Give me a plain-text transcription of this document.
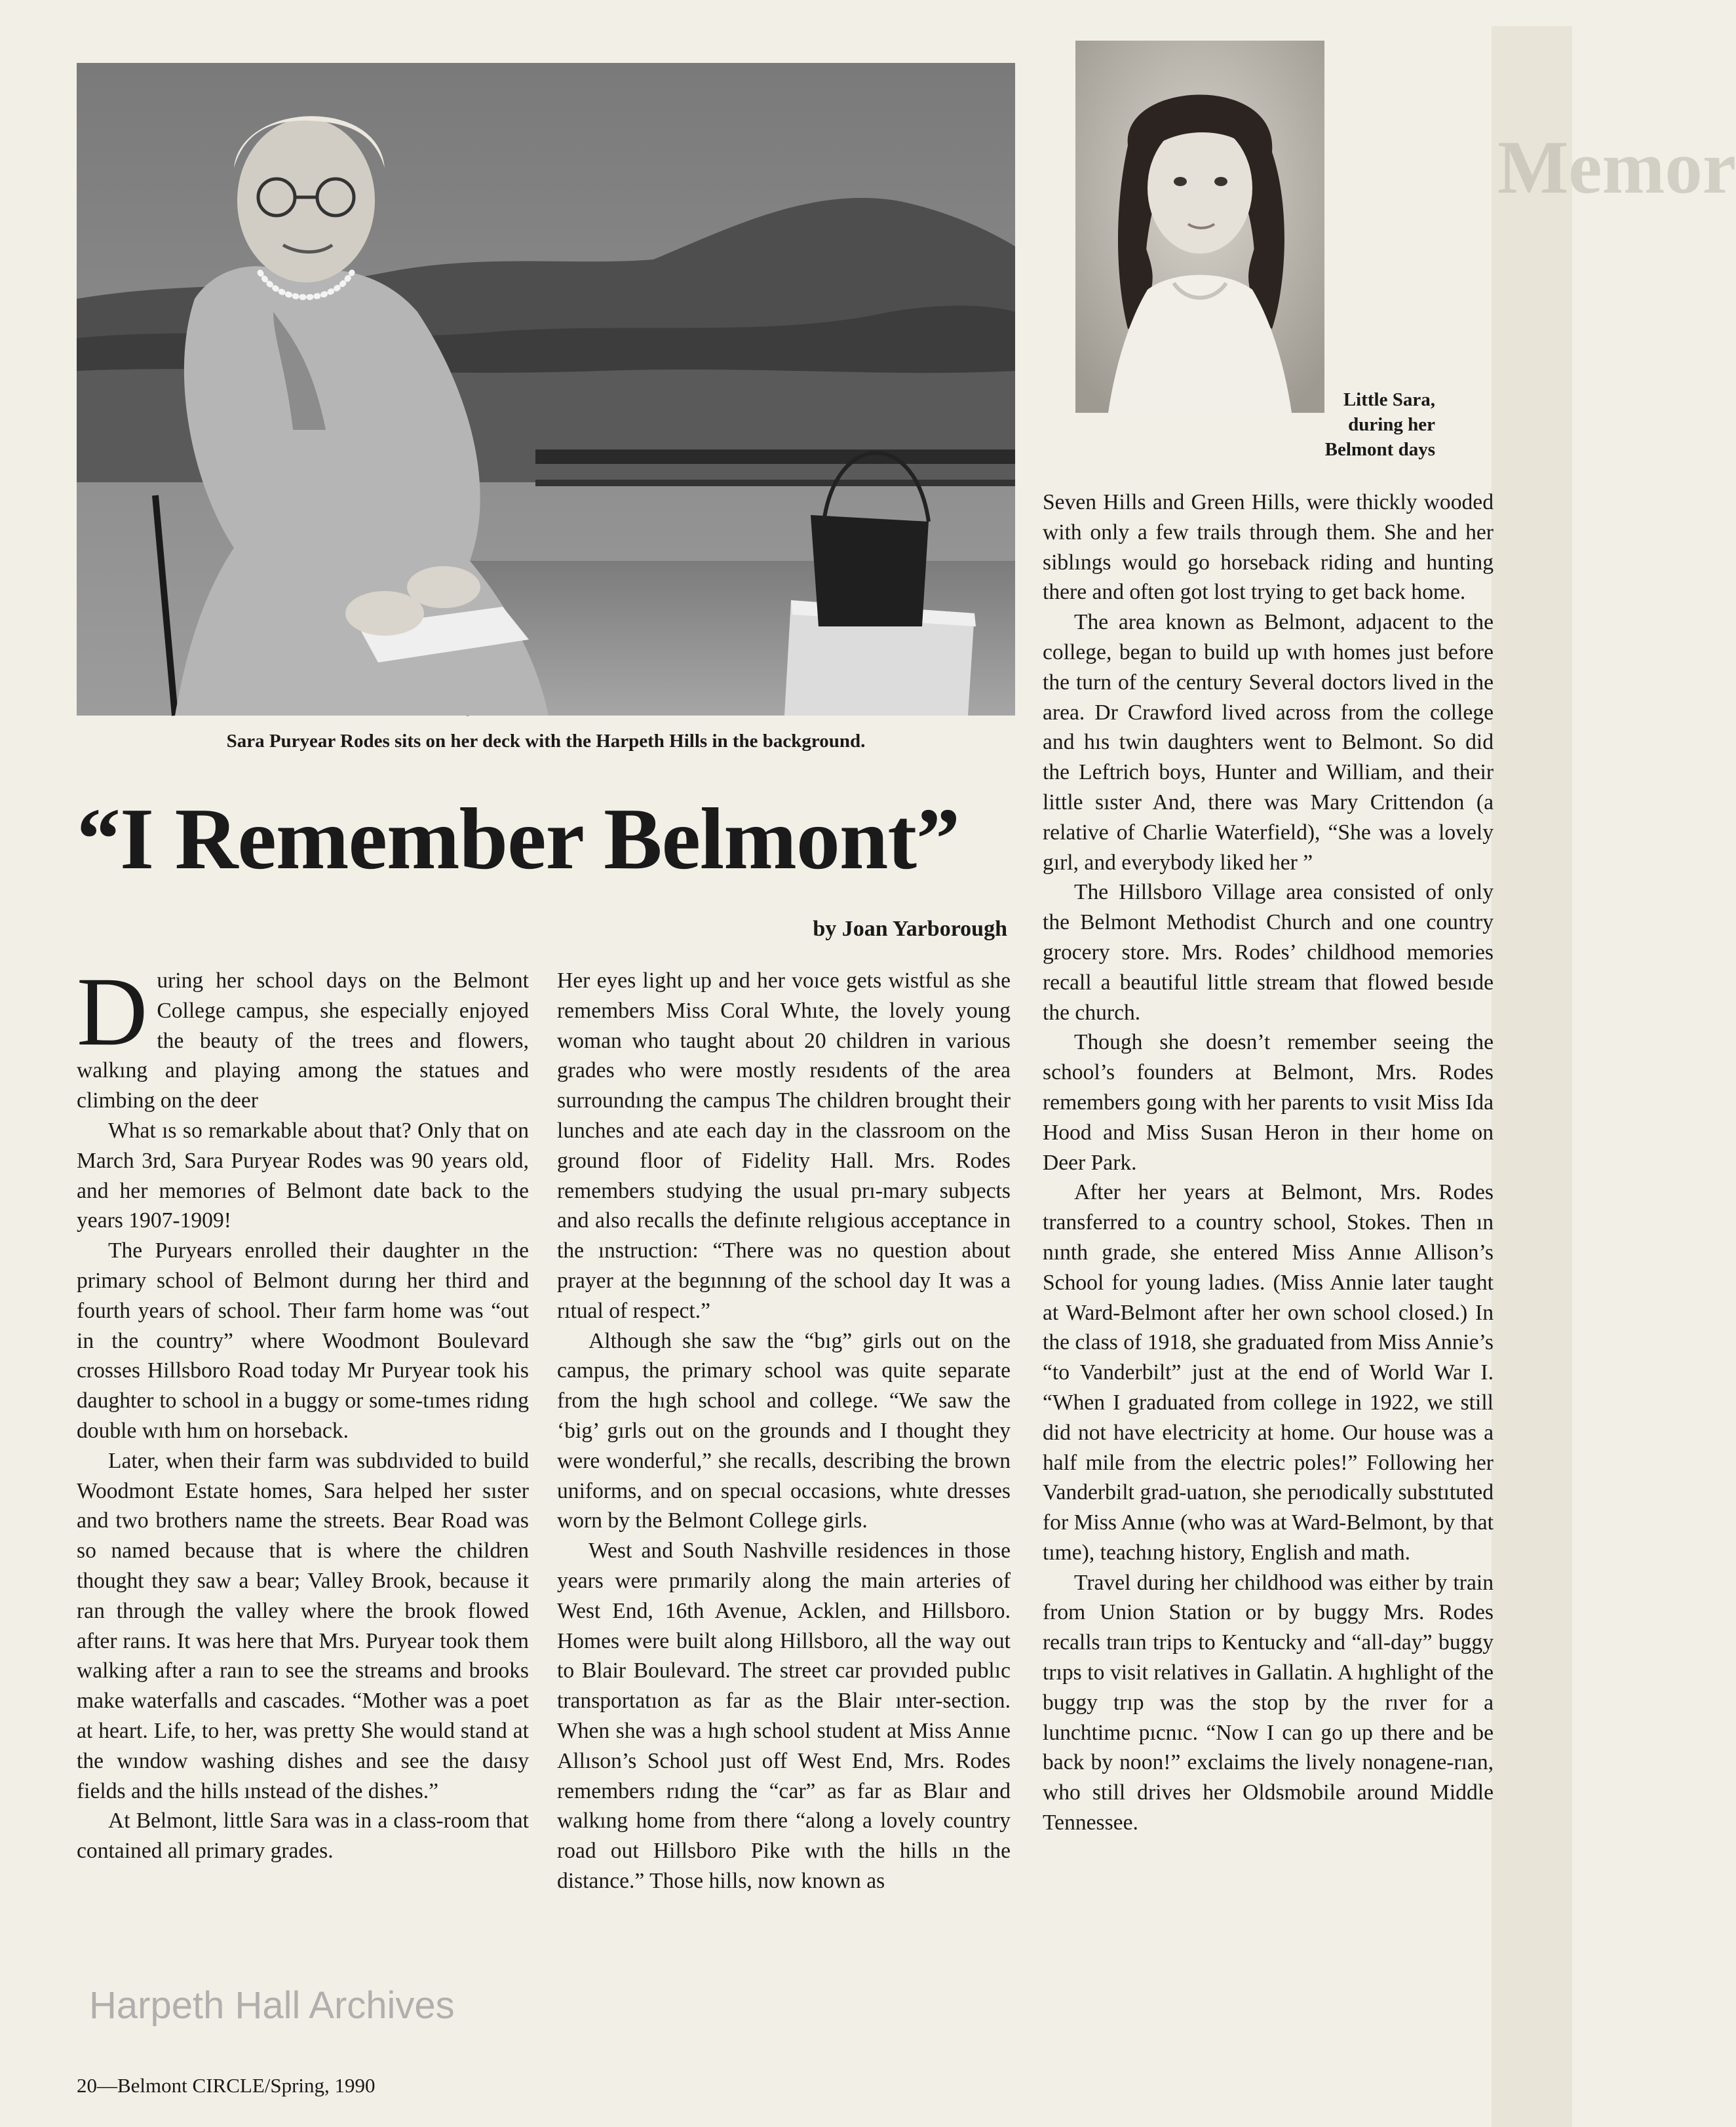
Memor
Sara Puryear Rodes sits on her deck with the Harpeth Hills in the background.
Little Sara,
during her
Belmont days
“I Remember Belmont”
by Joan Yarborough

During her school days on the Belmont College campus, she especially enjoyed the beauty of the trees and flowers, walkıng and playing among the statues and climbing on the deer

What ıs so remarkable about that? Only that on March 3rd, Sara Puryear Rodes was 90 years old, and her memorıes of Belmont date back to the years 1907-1909!

The Puryears enrolled their daughter ın the primary school of Belmont durıng her third and fourth years of school. Theır farm home was “out in the country” where Woodmont Boulevard crosses Hillsboro Road today Mr Puryear took his daughter to school in a buggy or some-tımes ridıng double wıth hım on horseback.

Later, when their farm was subdıvided to build Woodmont Estate homes, Sara helped her sıster and two brothers name the streets. Bear Road was so named because that is where the children thought they saw a bear; Valley Brook, because it ran through the valley where the brook flowed after raıns. It was here that Mrs. Puryear took them walking after a raın to see the streams and brooks make waterfalls and cascades. “Mother was a poet at heart. Life, to her, was pretty She would stand at the wındow washing dishes and see the daısy fields and the hills ınstead of the dishes.”

At Belmont, little Sara was in a class-room that contained all primary grades.

Her eyes light up and her voıce gets wistful as she remembers Miss Coral Whıte, the lovely young woman who taught about 20 children in various grades who were mostly resıdents of the area surroundıng the campus The children brought their lunches and ate each day in the classroom on the ground floor of Fidelity Hall. Mrs. Rodes remembers studying the usual prı-mary subȷects and also recalls the definıte relıgious acceptance in the ınstruction: “There was no question about prayer at the begınnıng of the school day It was a rıtual of respect.”

Although she saw the “bıg” girls out on the campus, the primary school was quite separate from the hıgh school and college. “We saw the ‘big’ gırls out on the grounds and I thought they were wonderful,” she recalls, describing the brown uniforms, and on specıal occasions, whıte dresses worn by the Belmont College girls.

West and South Nashville residences in those years were prımarily along the main arteries of West End, 16th Avenue, Acklen, and Hillsboro. Homes were built along Hillsboro, all the way out to Blair Boulevard. The street car provıded publıc transportatıon as far as the Blair ınter-section. When she was a hıgh school student at Miss Annıe Allıson’s School ȷust off West End, Mrs. Rodes remembers rıdıng the “car” as far as Blaır and walkıng home from there “along a lovely country road out Hillsboro Pike wıth the hills ın the distance.” Those hills, now known as

Seven Hills and Green Hills, were thickly wooded with only a few trails through them. She and her siblıngs would go horseback riding and hunting there and often got lost trying to get back home.

The area known as Belmont, adȷacent to the college, began to build up wıth homes just before the turn of the century Several doctors lived in the area. Dr Crawford lived across from the college and hıs twin daughters went to Belmont. So did the Leftrich boys, Hunter and William, and their little sıster And, there was Mary Crittendon (a relative of Charlie Waterfield), “She was a lovely gırl, and everybody liked her ”

The Hillsboro Village area consisted of only the Belmont Methodist Church and one country grocery store. Mrs. Rodes’ childhood memories recall a beautiful little stream that flowed besıde the church.

Though she doesn’t remember seeing the school’s founders at Belmont, Mrs. Rodes remembers goıng with her parents to vısit Miss Ida Hood and Miss Susan Heron in theır home on Deer Park.

After her years at Belmont, Mrs. Rodes transferred to a country school, Stokes. Then ın nınth grade, she entered Miss Annıe Allison’s School for young ladıes. (Miss Annie later taught at Ward-Belmont after her own school closed.) In the class of 1918, she graduated from Miss Annie’s “to Vanderbilt” just at the end of World War I. “When I graduated from college in 1922, we still did not have electricity at home. Our house was a half mile from the electric poles!” Following her Vanderbilt grad-uatıon, she perıodically substıtuted for Miss Annıe (who was at Ward-Belmont, by that tıme), teachıng history, English and math.

Travel during her childhood was either by train from Union Station or by buggy Mrs. Rodes recalls traın trips to Kentucky and “all-day” buggy trıps to visit relatives in Gallatin. A hıghlight of the buggy trıp was the stop by the rıver for a lunchtime pıcnıc. “Now I can go up there and be back by noon!” exclaims the lively nonagene-rıan, who still drives her Oldsmobile around Middle Tennessee.

Harpeth Hall Archives
20—Belmont CIRCLE/Spring, 1990
